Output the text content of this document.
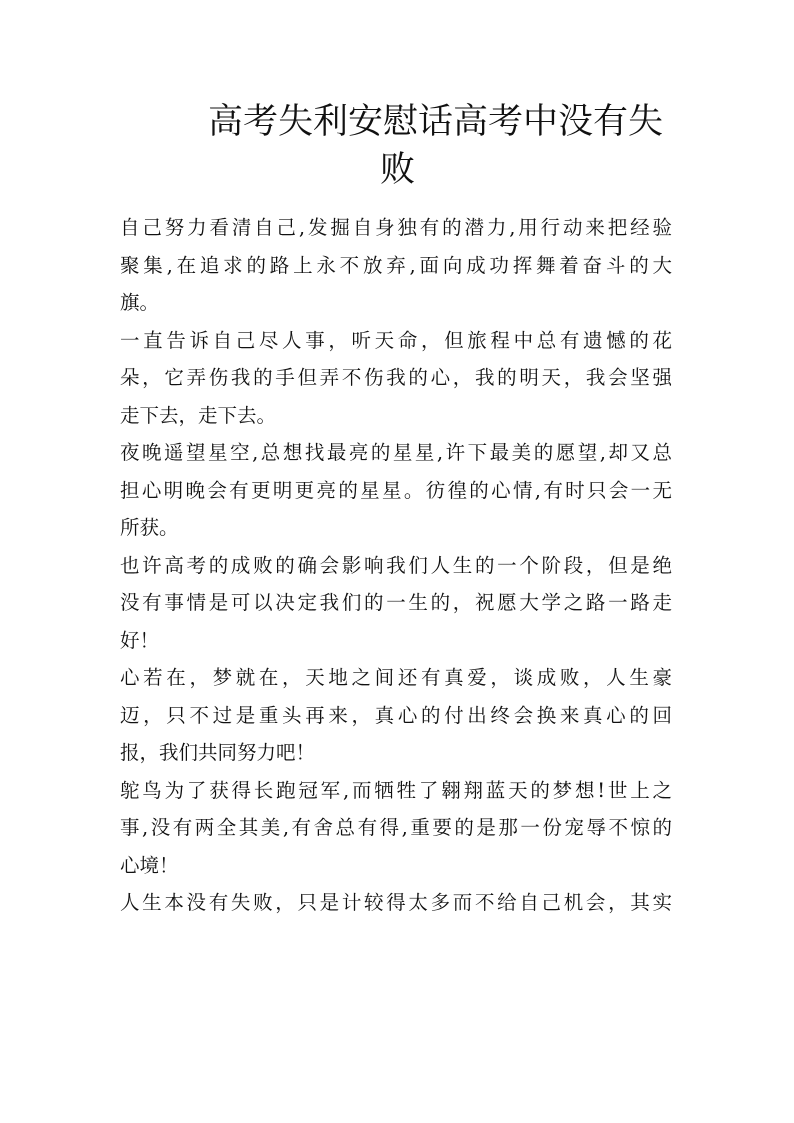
高考失利安慰话高考中没有失
败

自己努力看清自己,发掘自身独有的潜力,用行动来把经验
聚集,在追求的路上永不放弃,面向成功挥舞着奋斗的大
旗。

一直告诉自己尽人事，听天命，但旅程中总有遗憾的花
朵，它弄伤我的手但弄不伤我的心，我的明天，我会坚强
走下去，走下去。

夜晚遥望星空,总想找最亮的星星,许下最美的愿望,却又总
担心明晚会有更明更亮的星星。彷徨的心情,有时只会一无
所获。

也许高考的成败的确会影响我们人生的一个阶段，但是绝
没有事情是可以决定我们的一生的，祝愿大学之路一路走
好！

心若在，梦就在，天地之间还有真爱，谈成败，人生豪
迈，只不过是重头再来，真心的付出终会换来真心的回
报，我们共同努力吧！

鸵鸟为了获得长跑冠军,而牺牲了翱翔蓝天的梦想!世上之
事,没有两全其美,有舍总有得,重要的是那一份宠辱不惊的
心境！

人生本没有失败，只是计较得太多而不给自己机会，其实
